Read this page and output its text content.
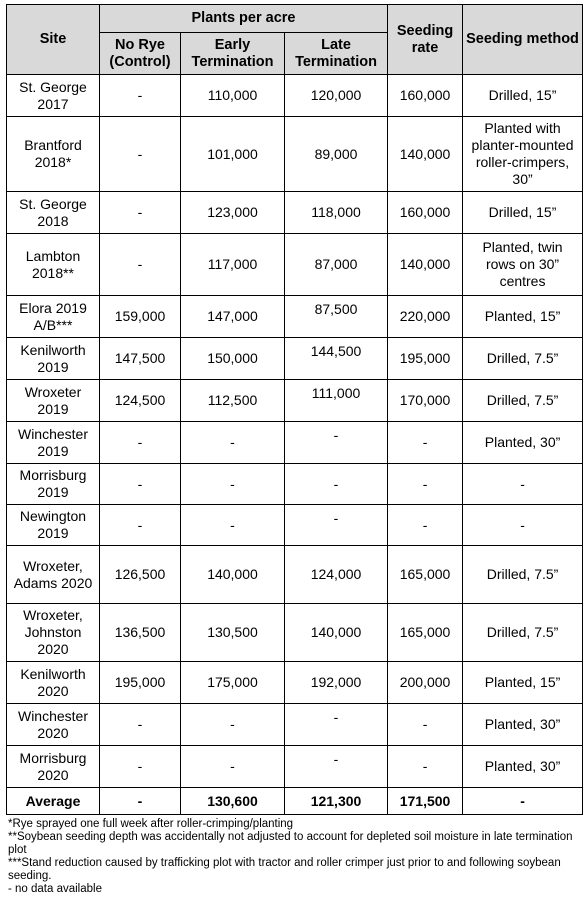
Site	Plants per acre			Seeding rate	Seeding method
	No Rye (Control)	Early Termination	Late Termination		
St. George 2017	-	110,000	120,000	160,000	Drilled, 15”
Brantford 2018*	-	101,000	89,000	140,000	Planted with planter-mounted roller-crimpers, 30”
St. George 2018	-	123,000	118,000	160,000	Drilled, 15”
Lambton 2018**	-	117,000	87,000	140,000	Planted, twin rows on 30” centres
Elora 2019 A/B***	159,000	147,000	87,500	220,000	Planted, 15”
Kenilworth 2019	147,500	150,000	144,500	195,000	Drilled, 7.5”
Wroxeter 2019	124,500	112,500	111,000	170,000	Drilled, 7.5”
Winchester 2019	-	-	-	-	Planted, 30”
Morrisburg 2019	-	-	-	-	-
Newington 2019	-	-	-	-	-
Wroxeter, Adams 2020	126,500	140,000	124,000	165,000	Drilled, 7.5”
Wroxeter, Johnston 2020	136,500	130,500	140,000	165,000	Drilled, 7.5”
Kenilworth 2020	195,000	175,000	192,000	200,000	Planted, 15”
Winchester 2020	-	-	-	-	Planted, 30”
Morrisburg 2020	-	-	-	-	Planted, 30”
Average	-	130,600	121,300	171,500	-
*Rye sprayed one full week after roller-crimping/planting
**Soybean seeding depth was accidentally not adjusted to account for depleted soil moisture in late termination plot
***Stand reduction caused by trafficking plot with tractor and roller crimper just prior to and following soybean seeding.
- no data available
